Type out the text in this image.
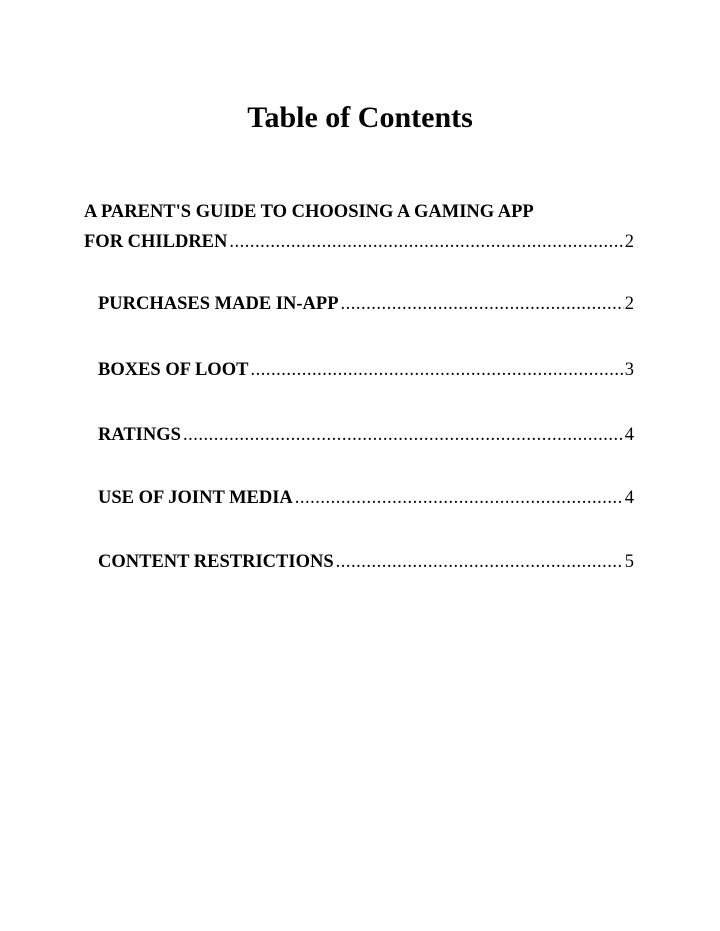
Table of Contents
A PARENT'S GUIDE TO CHOOSING A GAMING APP
FOR CHILDREN .....	2
PURCHASES MADE IN-APP .....	2
BOXES OF LOOT .....	3
RATINGS .....	4
USE OF JOINT MEDIA .....	4
CONTENT RESTRICTIONS .....	5
